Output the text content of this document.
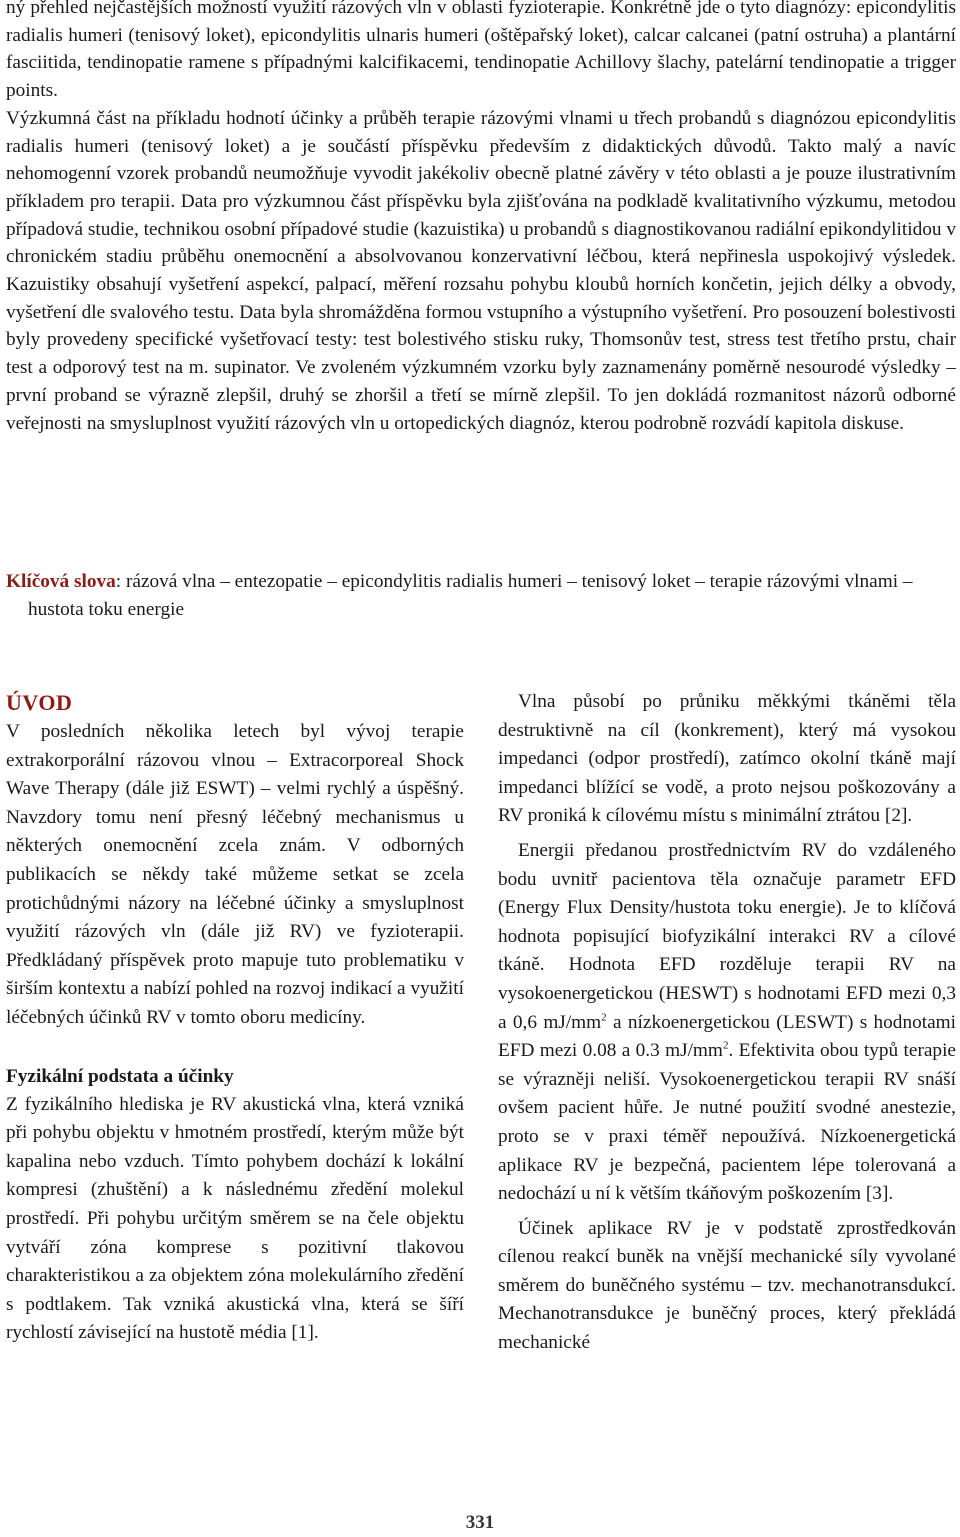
ný přehled nejčastějších možností využití rázových vln v oblasti fyzioterapie. Konkrétně jde o tyto diagnózy: epicondylitis radialis humeri (tenisový loket), epicondylitis ulnaris humeri (oštěpařský loket), calcar calcanei (patní ostruha) a plantární fasciitida, tendinopatie ramene s případnými kalcifikacemi, tendinopatie Achillovy šlachy, patelární tendinopatie a trigger points.

Výzkumná část na příkladu hodnotí účinky a průběh terapie rázovými vlnami u třech probandů s diagnózou epicondylitis radialis humeri (tenisový loket) a je součástí příspěvku především z didaktických důvodů. Takto malý a navíc nehomogenní vzorek probandů neumožňuje vyvodit jakékoliv obecně platné závěry v této oblasti a je pouze ilustrativním příkladem pro terapii. Data pro výzkumnou část příspěvku byla zjišťována na podkladě kvalitativního výzkumu, metodou případová studie, technikou osobní případové studie (kazuistika) u probandů s diagnostikovanou radiální epikondylitidou v chronickém stadiu průběhu onemocnění a absolvovanou konzervativní léčbou, která nepřinesla uspokojivý výsledek. Kazuistiky obsahují vyšetření aspekcí, palpací, měření rozsahu pohybu kloubů horních končetin, jejich délky a obvody, vyšetření dle svalového testu. Data byla shromážděna formou vstupního a výstupního vyšetření. Pro posouzení bolestivosti byly provedeny specifické vyšetřovací testy: test bolestivého stisku ruky, Thomsonův test, stress test třetího prstu, chair test a odporový test na m. supinator. Ve zvoleném výzkumném vzorku byly zaznamenány poměrně nesourodé výsledky – první proband se výrazně zlepšil, druhý se zhoršil a třetí se mírně zlepšil. To jen dokládá rozmanitost názorů odborné veřejnosti na smysluplnost využití rázových vln u ortopedických diagnóz, kterou podrobně rozvádí kapitola diskuse.

Klíčová slova: rázová vlna – entezopatie – epicondylitis radialis humeri – tenisový loket – terapie rázovými vlnami – hustota toku energie
ÚVOD

V posledních několika letech byl vývoj terapie extrakorporální rázovou vlnou – Extracorporeal Shock Wave Therapy (dále již ESWT) – velmi rychlý a úspěšný. Navzdory tomu není přesný léčebný mechanismus u některých onemocnění zcela znám. V odborných publikacích se někdy také můžeme setkat se zcela protichůdnými názory na léčebné účinky a smysluplnost využití rázových vln (dále již RV) ve fyzioterapii. Předkládaný příspěvek proto mapuje tuto problematiku v širším kontextu a nabízí pohled na rozvoj indikací a využití léčebných účinků RV v tomto oboru medicíny.

Fyzikální podstata a účinky

Z fyzikálního hlediska je RV akustická vlna, která vzniká při pohybu objektu v hmotném prostředí, kterým může být kapalina nebo vzduch. Tímto pohybem dochází k lokální kompresi (zhuštění) a k následnému zředění molekul prostředí. Při pohybu určitým směrem se na čele objektu vytváří zóna komprese s pozitivní tlakovou charakteristikou a za objektem zóna molekulárního zředění s podtlakem. Tak vzniká akustická vlna, která se šíří rychlostí závisející na hustotě média [1].

Vlna působí po průniku měkkými tkáněmi těla destruktivně na cíl (konkrement), který má vysokou impedanci (odpor prostředí), zatímco okolní tkáně mají impedanci blížící se vodě, a proto nejsou poškozovány a RV proniká k cílovému místu s minimální ztrátou [2].

Energii předanou prostřednictvím RV do vzdáleného bodu uvnitř pacientova těla označuje parametr EFD (Energy Flux Density/hustota toku energie). Je to klíčová hodnota popisující biofyzikální interakci RV a cílové tkáně. Hodnota EFD rozděluje terapii RV na vysokoenergetickou (HESWT) s hodnotami EFD mezi 0,3 a 0,6 $mJ/mm^2$ a nízkoenergetickou (LESWT) s hodnotami EFD mezi 0.08 a 0.3 $mJ/mm^2$. Efektivita obou typů terapie se výrazněji neliší. Vysokoenergetickou terapii RV snáší ovšem pacient hůře. Je nutné použití svodné anestezie, proto se v praxi téměř nepoužívá. Nízkoenergetická aplikace RV je bezpečná, pacientem lépe tolerovaná a nedochází u ní k větším tkáňovým poškozením [3].

Účinek aplikace RV je v podstatě zprostředkován cílenou reakcí buněk na vnější mechanické síly vyvolané směrem do buněčného systému – tzv. mechanotransdukcí. Mechanotransdukce je buněčný proces, který překládá mechanické

331
